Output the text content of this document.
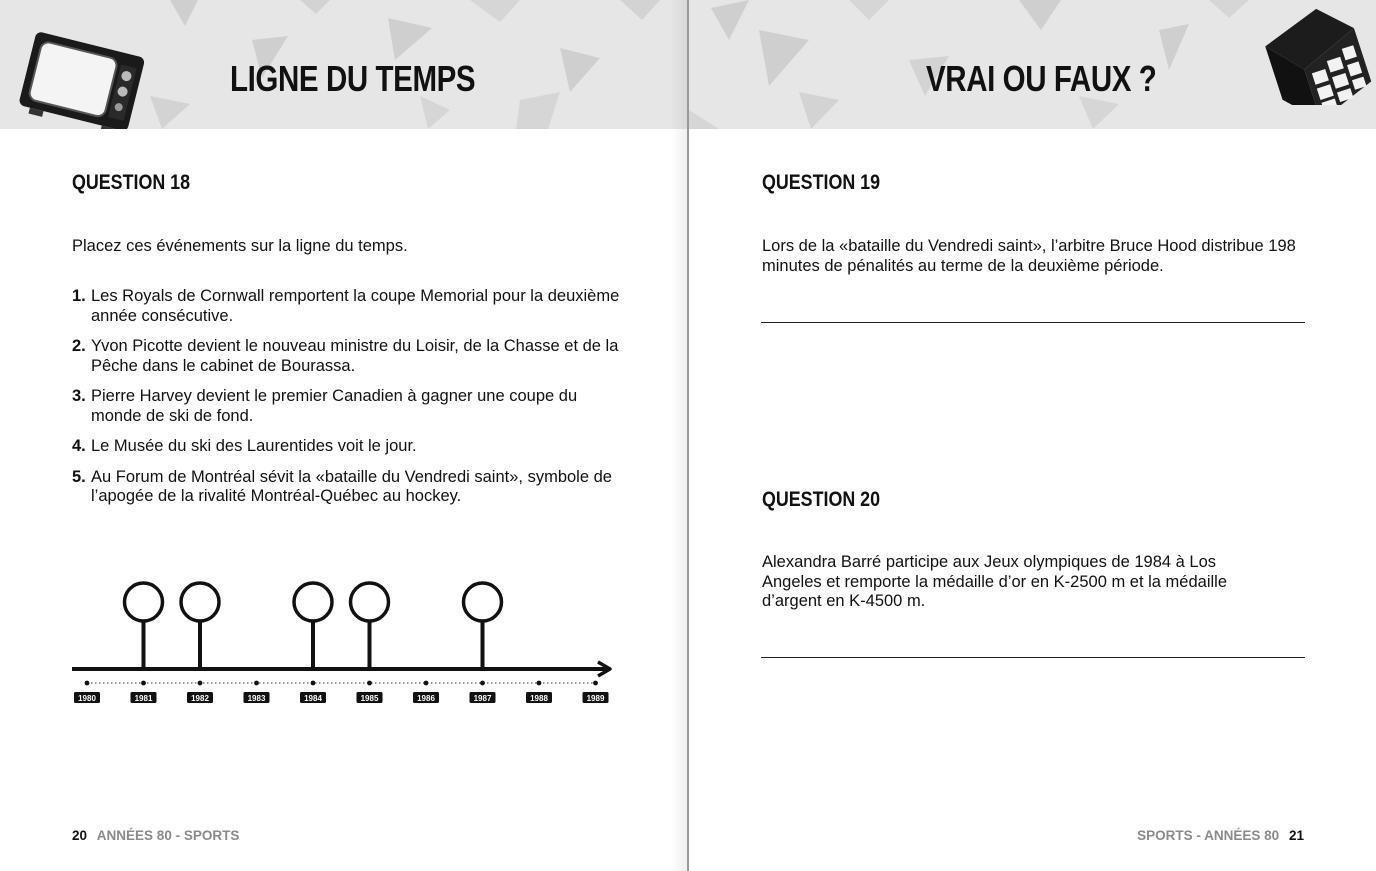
LIGNE DU TEMPS
QUESTION 18
Placez ces événements sur la ligne du temps.
1. Les Royals de Cornwall remportent la coupe Memorial pour la deuxième année consécutive.
2. Yvon Picotte devient le nouveau ministre du Loisir, de la Chasse et de la Pêche dans le cabinet de Bourassa.
3. Pierre Harvey devient le premier Canadien à gagner une coupe du monde de ski de fond.
4. Le Musée du ski des Laurentides voit le jour.
5. Au Forum de Montréal sévit la «bataille du Vendredi saint», symbole de l’apogée de la rivalité Montréal-Québec au hockey.
1980	1981	1982	1983	1984	1985	1986	1987	1988	1989
20 ANNÉES 80 - SPORTS
VRAI OU FAUX ?
QUESTION 19
Lors de la «bataille du Vendredi saint», l’arbitre Bruce Hood distribue 198 minutes de pénalités au terme de la deuxième période.
QUESTION 20
Alexandra Barré participe aux Jeux olympiques de 1984 à Los Angeles et remporte la médaille d’or en K-2500 m et la médaille d’argent en K-4500 m.
SPORTS - ANNÉES 80 21
